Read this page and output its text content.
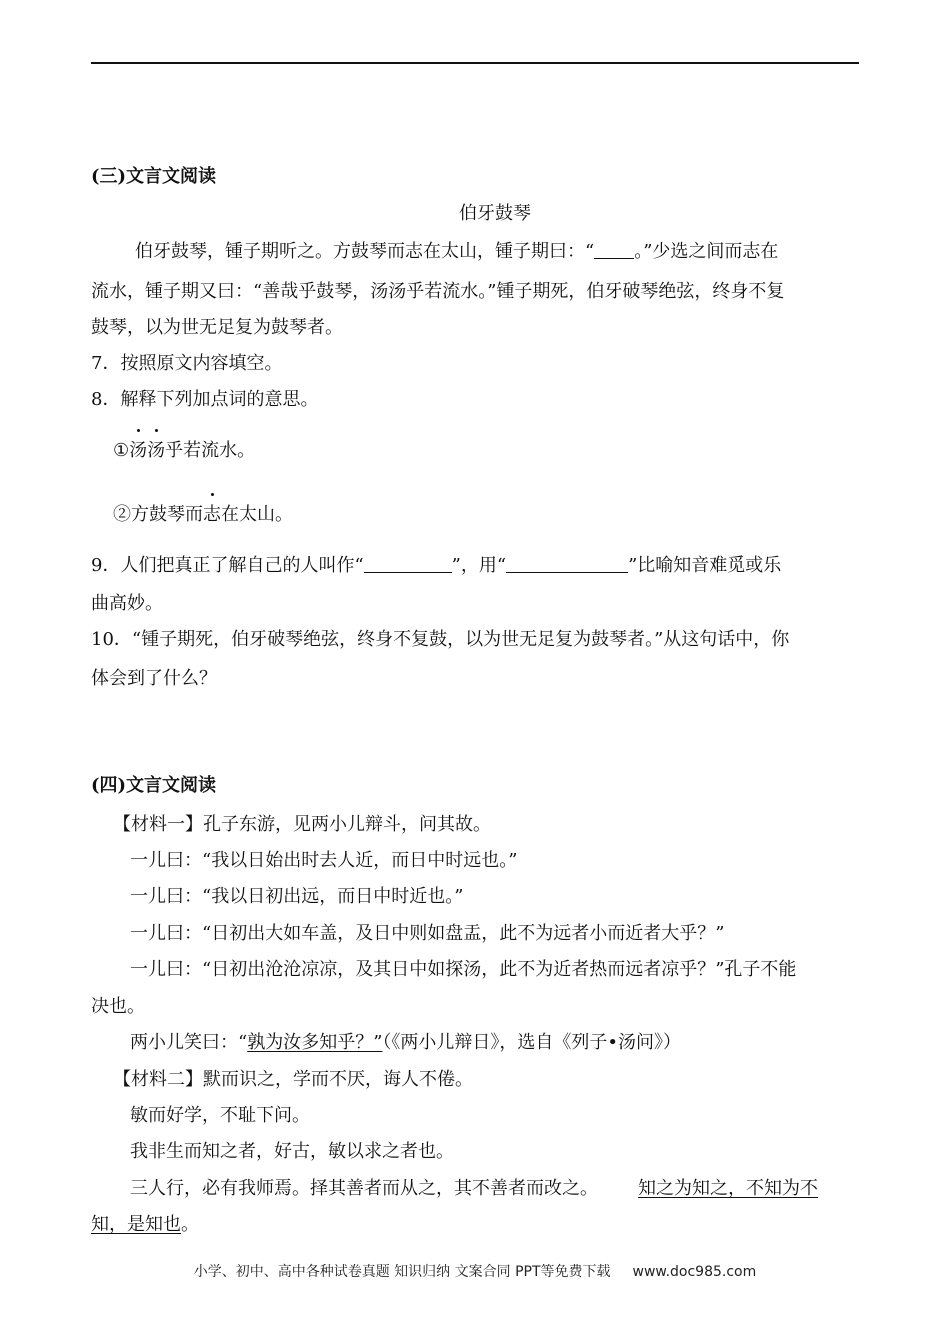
(三)文言文阅读
伯牙鼓琴
伯牙鼓琴，锺子期听之。方鼓琴而志在太山，锺子期曰：“ 。”少选之间而志在
流水，锺子期又曰：“善哉乎鼓琴，汤汤乎若流水。”锺子期死，伯牙破琴绝弦，终身不复
鼓琴，以为世无足复为鼓琴者。
7．按照原文内容填空。
8．解释下列加点词的意思。
①汤汤乎若流水。
②方鼓琴而志在太山。
9．人们把真正了解自己的人叫作“	”，用“	”比喻知音难觅或乐
曲高妙。
10．“锺子期死，伯牙破琴绝弦，终身不复鼓，以为世无足复为鼓琴者。”从这句话中，你
体会到了什么？
(四)文言文阅读
【材料一】孔子东游，见两小儿辩斗，问其故。
一儿曰：“我以日始出时去人近，而日中时远也。”
一儿曰：“我以日初出远，而日中时近也。”
一儿曰：“日初出大如车盖，及日中则如盘盂，此不为远者小而近者大乎？”
一儿曰：“日初出沧沧凉凉，及其日中如探汤，此不为近者热而远者凉乎？”孔子不能
决也。
两小儿笑曰：“孰为汝多知乎？”（《两小儿辩日》，选自《列子•汤问》）
【材料二】默而识之，学而不厌，诲人不倦。
敏而好学，不耻下问。
我非生而知之者，好古，敏以求之者也。
三人行，必有我师焉。择其善者而从之，其不善者而改之。 知之为知之，不知为不
知，是知也。
小学、初中、高中各种试卷真题 知识归纳 文案合同 PPT等免费下载 www.doc985.com
